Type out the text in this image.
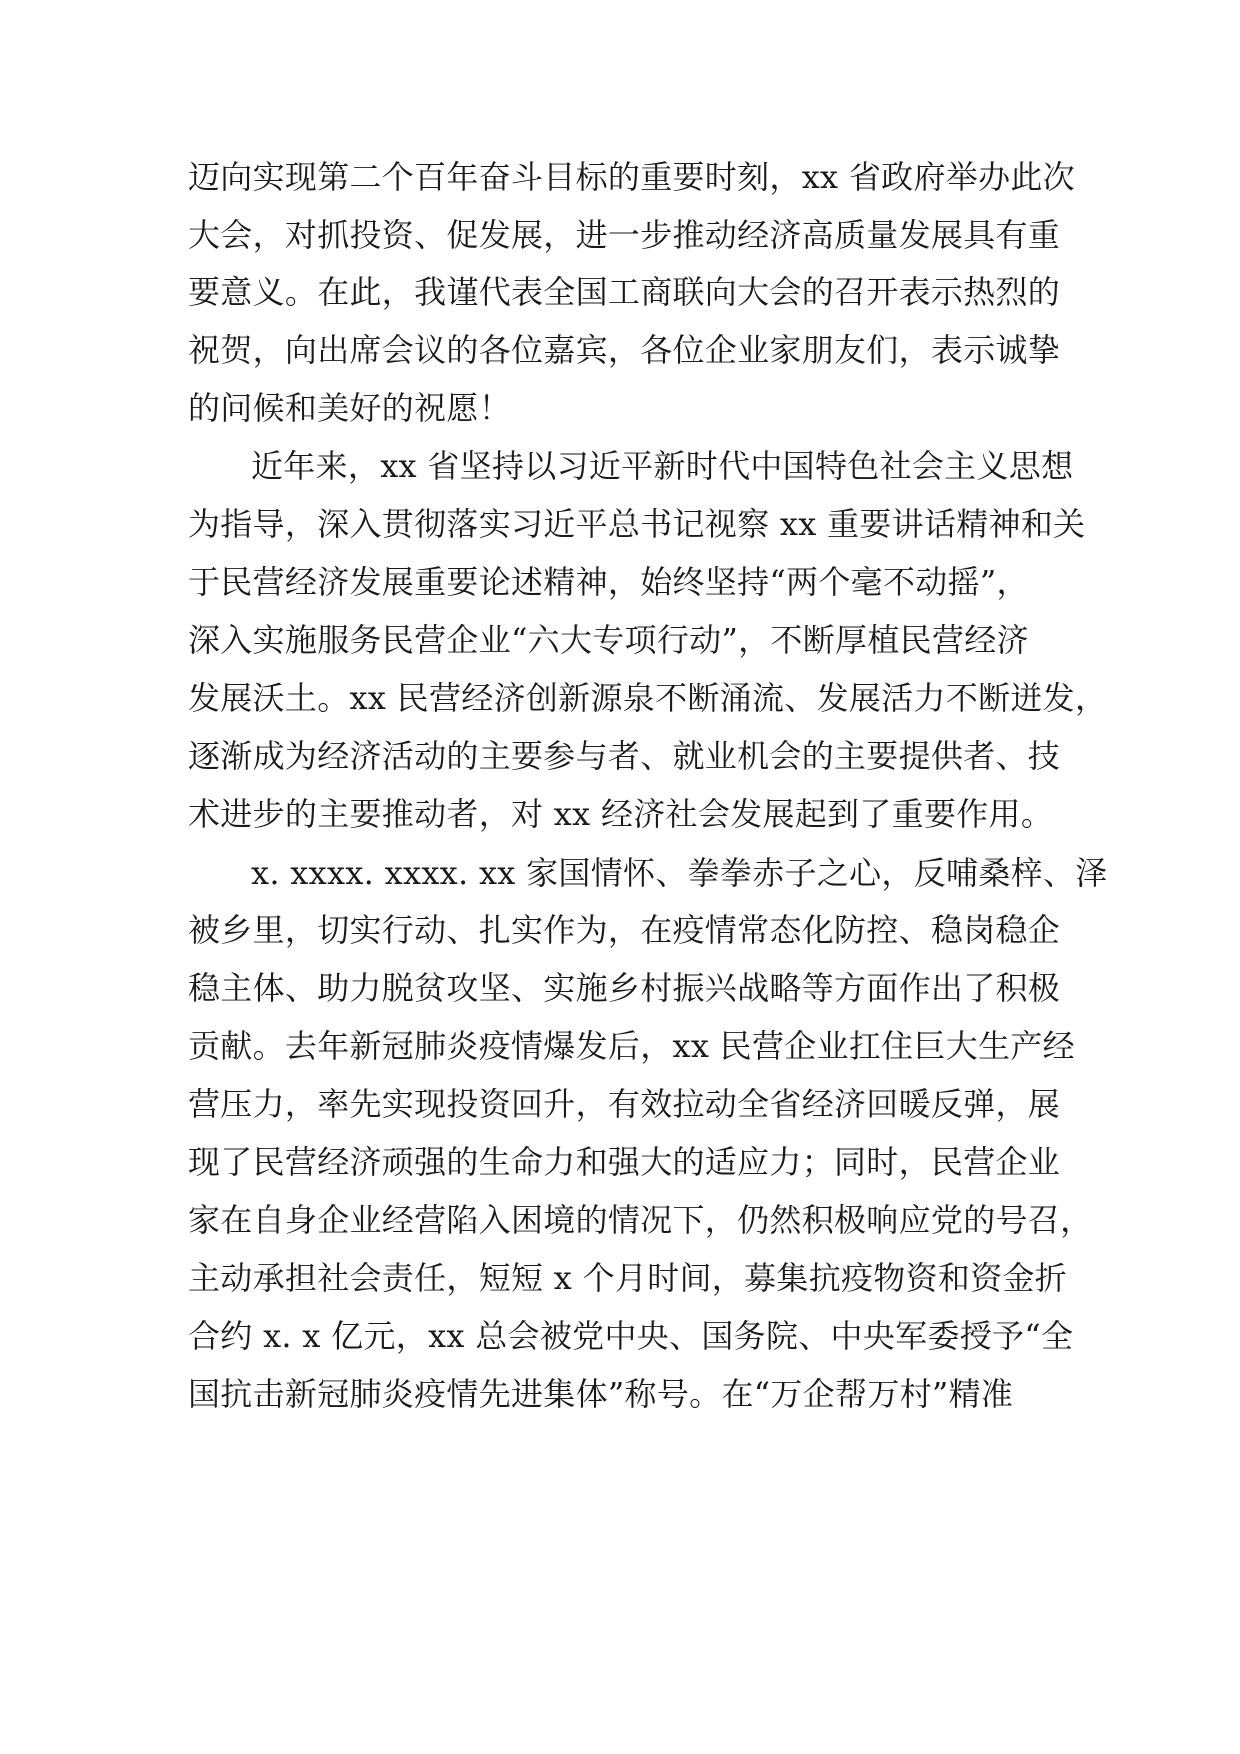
迈向实现第二个百年奋斗目标的重要时刻，xx 省政府举办此次
大会，对抓投资、促发展，进一步推动经济高质量发展具有重
要意义。在此，我谨代表全国工商联向大会的召开表示热烈的
祝贺，向出席会议的各位嘉宾，各位企业家朋友们，表示诚挚
的问候和美好的祝愿！
近年来，xx 省坚持以习近平新时代中国特色社会主义思想
为指导，深入贯彻落实习近平总书记视察 xx 重要讲话精神和关
于民营经济发展重要论述精神，始终坚持“两个毫不动摇”，
深入实施服务民营企业“六大专项行动”，不断厚植民营经济
发展沃土。xx 民营经济创新源泉不断涌流、发展活力不断迸发，
逐渐成为经济活动的主要参与者、就业机会的主要提供者、技
术进步的主要推动者，对 xx 经济社会发展起到了重要作用。
x. xxxx. xxxx. xx 家国情怀、拳拳赤子之心，反哺桑梓、泽
被乡里，切实行动、扎实作为，在疫情常态化防控、稳岗稳企
稳主体、助力脱贫攻坚、实施乡村振兴战略等方面作出了积极
贡献。去年新冠肺炎疫情爆发后，xx 民营企业扛住巨大生产经
营压力，率先实现投资回升，有效拉动全省经济回暖反弹，展
现了民营经济顽强的生命力和强大的适应力；同时，民营企业
家在自身企业经营陷入困境的情况下，仍然积极响应党的号召，
主动承担社会责任，短短 x 个月时间，募集抗疫物资和资金折
合约 x. x 亿元，xx 总会被党中央、国务院、中央军委授予“全
国抗击新冠肺炎疫情先进集体”称号。在“万企帮万村”精准
